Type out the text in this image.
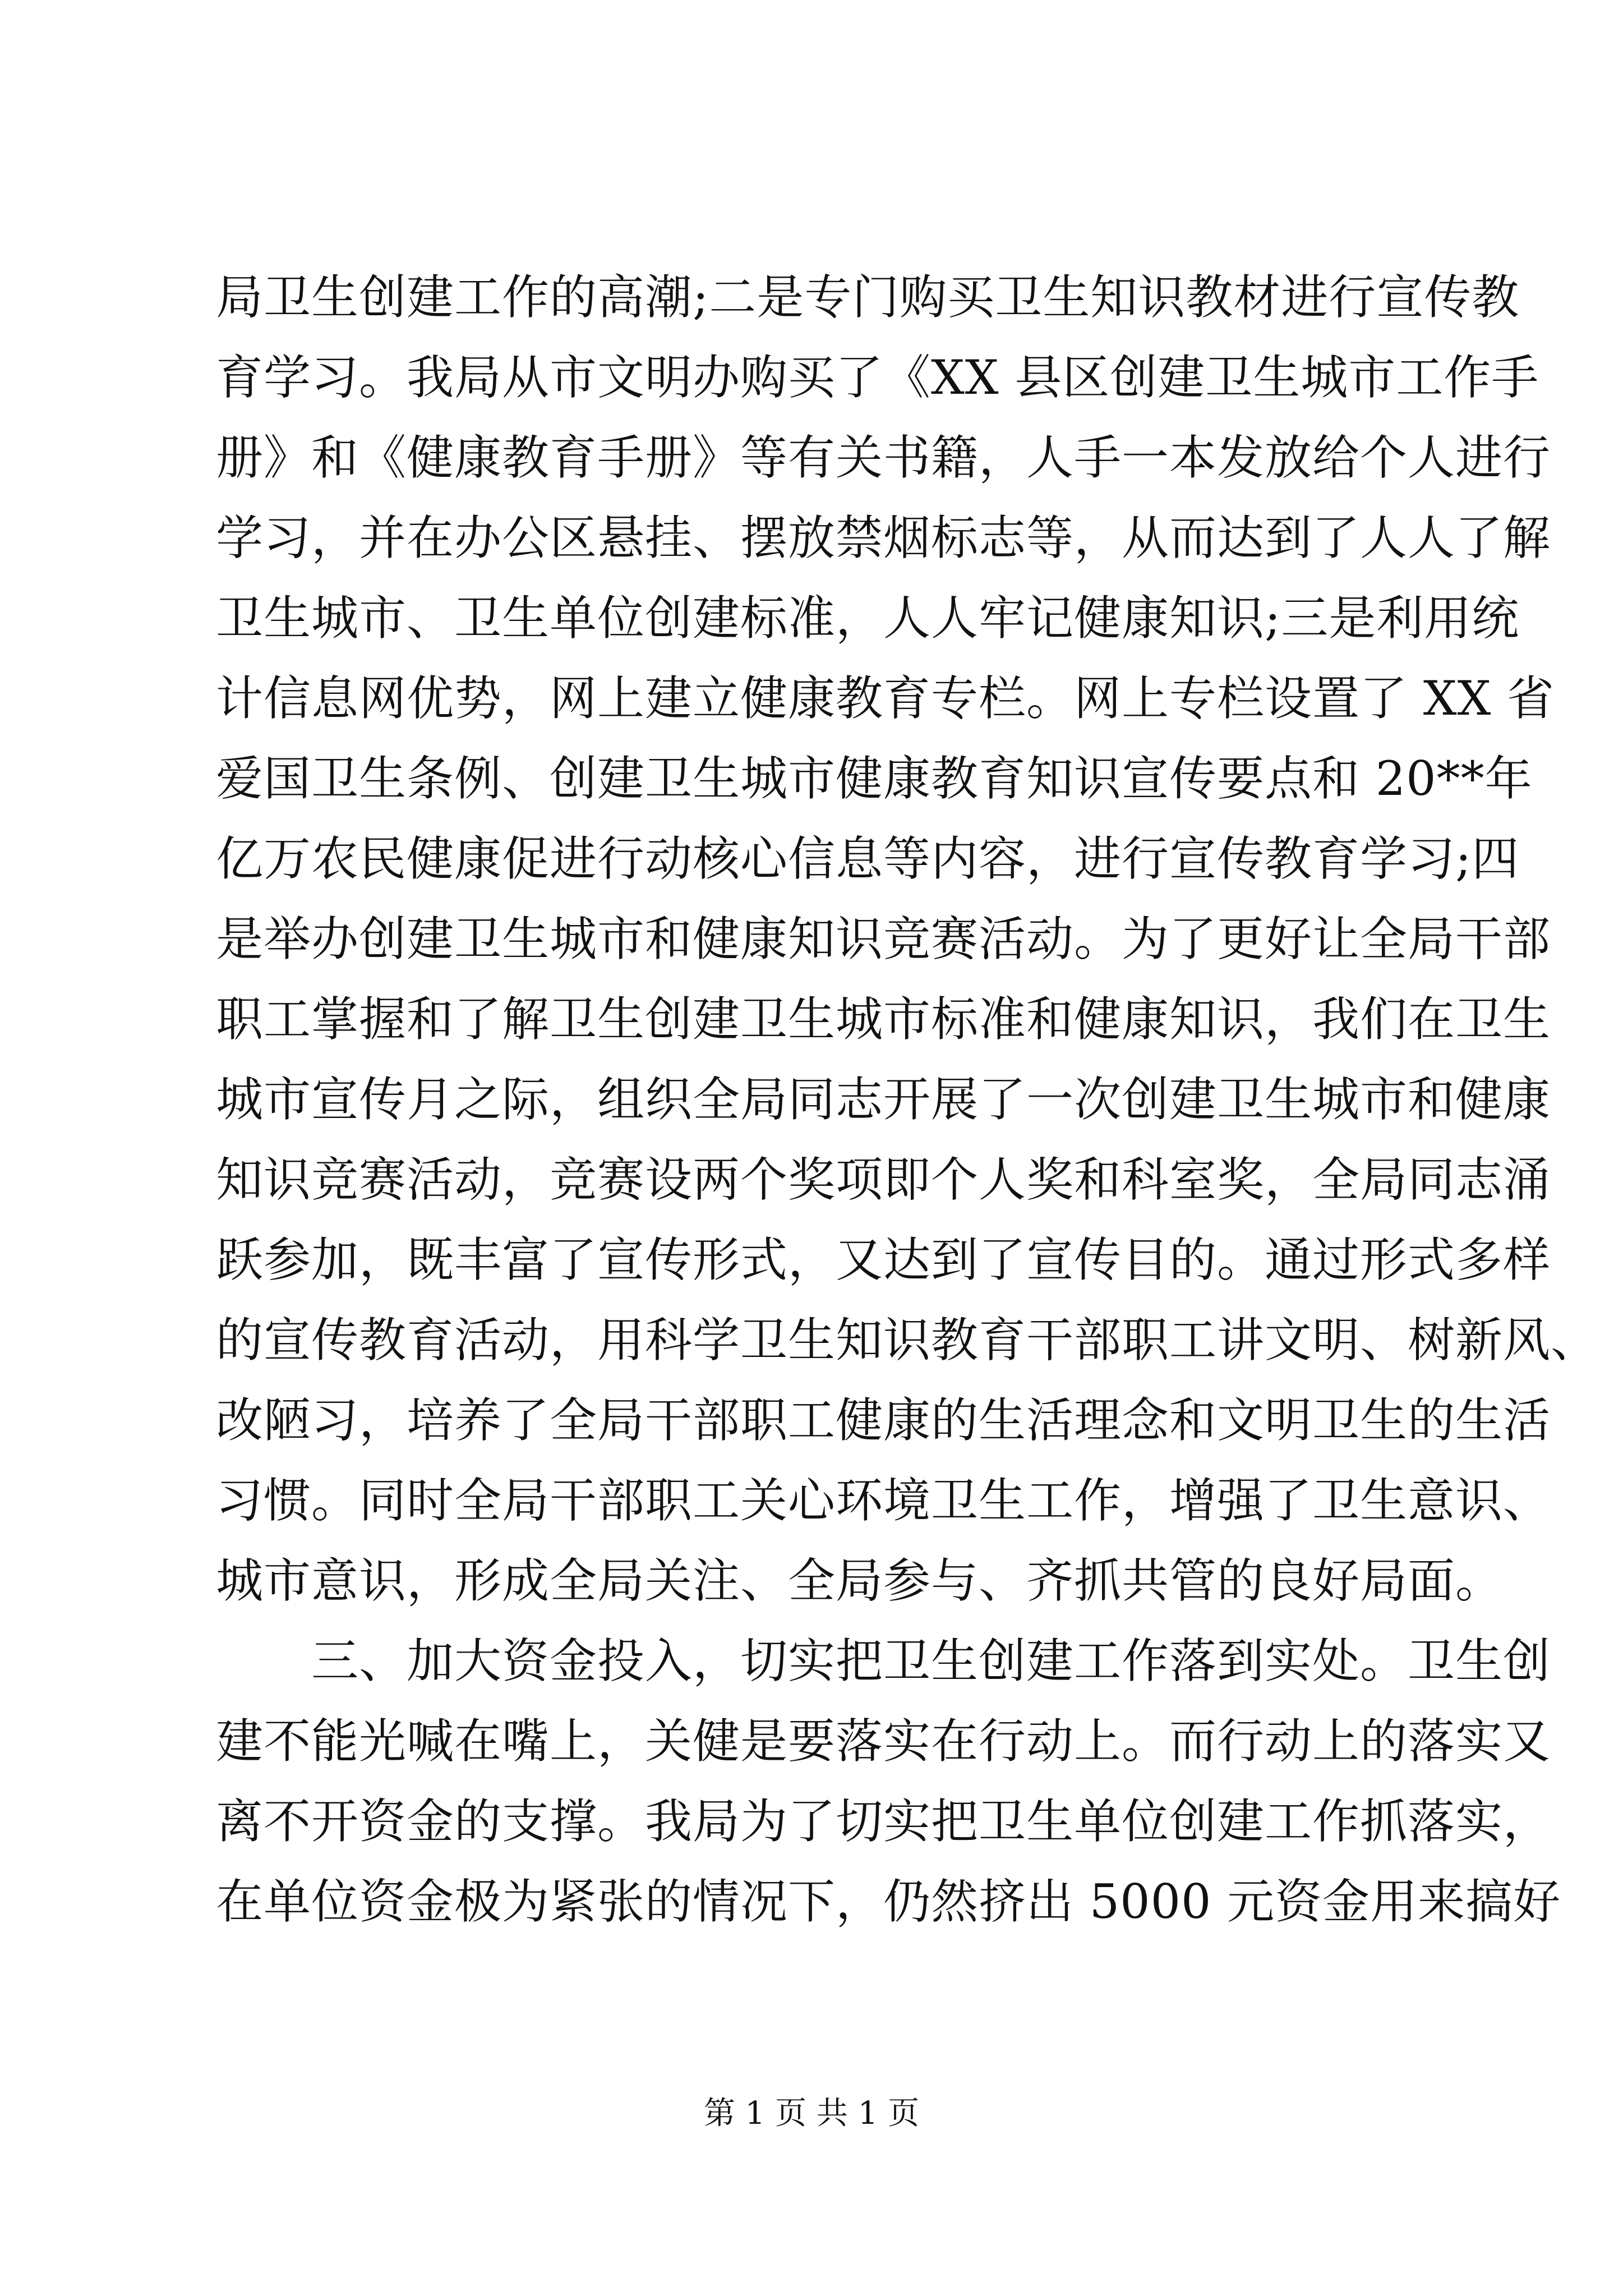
局卫生创建工作的高潮;二是专门购买卫生知识教材进行宣传教
育学习。我局从市文明办购买了《XX 县区创建卫生城市工作手
册》和《健康教育手册》等有关书籍，人手一本发放给个人进行
学习，并在办公区悬挂、摆放禁烟标志等，从而达到了人人了解
卫生城市、卫生单位创建标准，人人牢记健康知识;三是利用统
计信息网优势，网上建立健康教育专栏。网上专栏设置了 XX 省
爱国卫生条例、创建卫生城市健康教育知识宣传要点和 20**年
亿万农民健康促进行动核心信息等内容，进行宣传教育学习;四
是举办创建卫生城市和健康知识竞赛活动。为了更好让全局干部
职工掌握和了解卫生创建卫生城市标准和健康知识，我们在卫生
城市宣传月之际，组织全局同志开展了一次创建卫生城市和健康
知识竞赛活动，竞赛设两个奖项即个人奖和科室奖，全局同志涌
跃参加，既丰富了宣传形式，又达到了宣传目的。通过形式多样
的宣传教育活动，用科学卫生知识教育干部职工讲文明、树新风、
改陋习，培养了全局干部职工健康的生活理念和文明卫生的生活
习惯。同时全局干部职工关心环境卫生工作，增强了卫生意识、
城市意识，形成全局关注、全局参与、齐抓共管的良好局面。
　　三、加大资金投入，切实把卫生创建工作落到实处。卫生创
建不能光喊在嘴上，关健是要落实在行动上。而行动上的落实又
离不开资金的支撑。我局为了切实把卫生单位创建工作抓落实，
在单位资金极为紧张的情况下，仍然挤出 5000 元资金用来搞好
第 1 页 共 1 页
